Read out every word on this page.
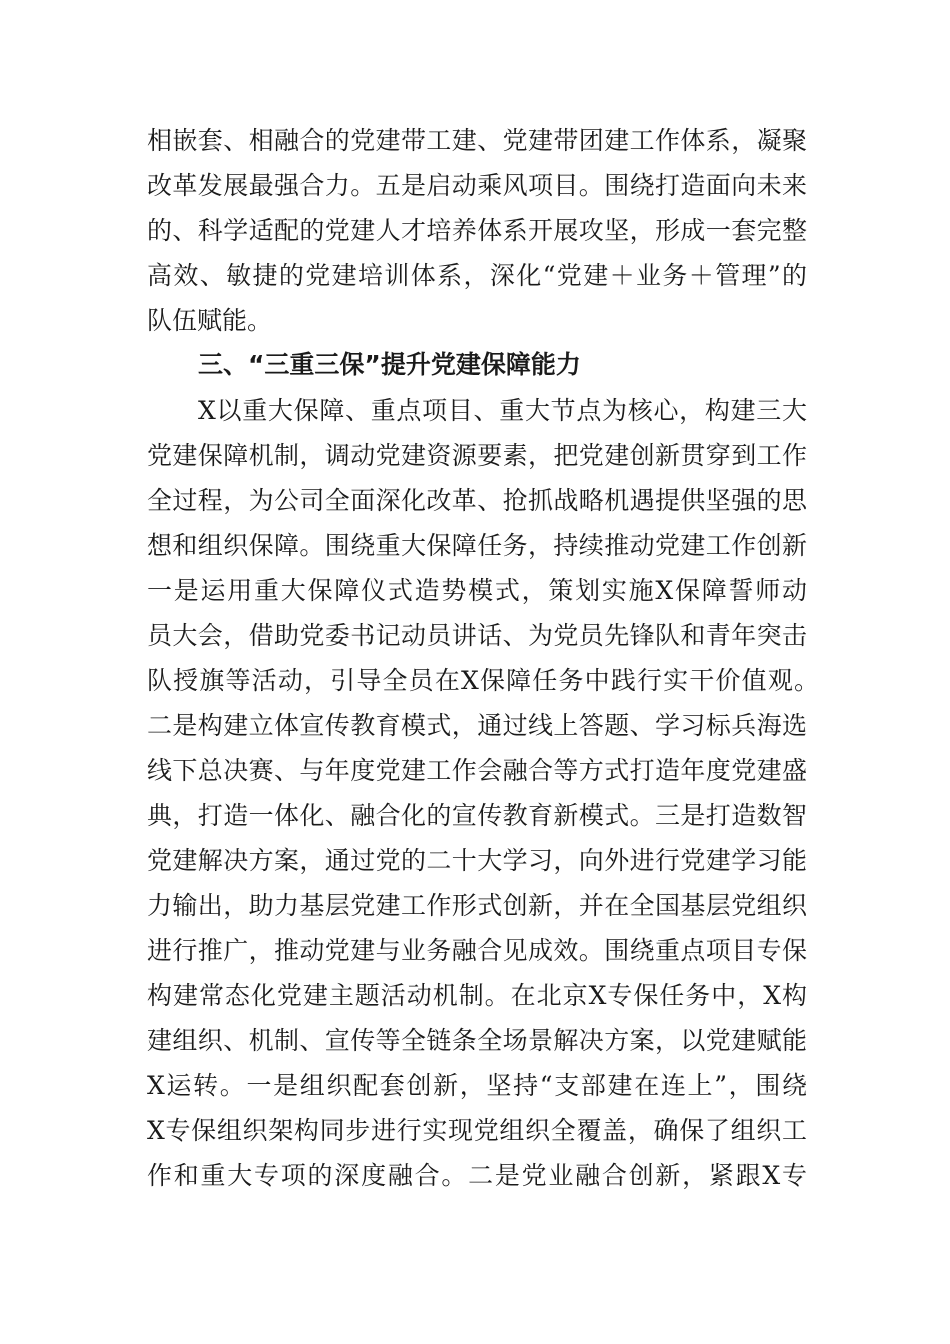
相嵌套、相融合的党建带工建、党建带团建工作体系，凝聚
改革发展最强合力。五是启动乘风项目。围绕打造面向未来
的、科学适配的党建人才培养体系开展攻坚，形成一套完整
高效、敏捷的党建培训体系，深化“党建＋业务＋管理”的
队伍赋能。
三、“三重三保”提升党建保障能力
X以重大保障、重点项目、重大节点为核心，构建三大
党建保障机制，调动党建资源要素，把党建创新贯穿到工作
全过程，为公司全面深化改革、抢抓战略机遇提供坚强的思
想和组织保障。围绕重大保障任务，持续推动党建工作创新
一是运用重大保障仪式造势模式，策划实施X保障誓师动
员大会，借助党委书记动员讲话、为党员先锋队和青年突击
队授旗等活动，引导全员在X保障任务中践行实干价值观。
二是构建立体宣传教育模式，通过线上答题、学习标兵海选
线下总决赛、与年度党建工作会融合等方式打造年度党建盛
典，打造一体化、融合化的宣传教育新模式。三是打造数智
党建解决方案，通过党的二十大学习，向外进行党建学习能
力输出，助力基层党建工作形式创新，并在全国基层党组织
进行推广，推动党建与业务融合见成效。围绕重点项目专保
构建常态化党建主题活动机制。在北京X专保任务中，X构
建组织、机制、宣传等全链条全场景解决方案，以党建赋能
X运转。一是组织配套创新，坚持“支部建在连上”，围绕
X专保组织架构同步进行实现党组织全覆盖，确保了组织工
作和重大专项的深度融合。二是党业融合创新，紧跟X专
